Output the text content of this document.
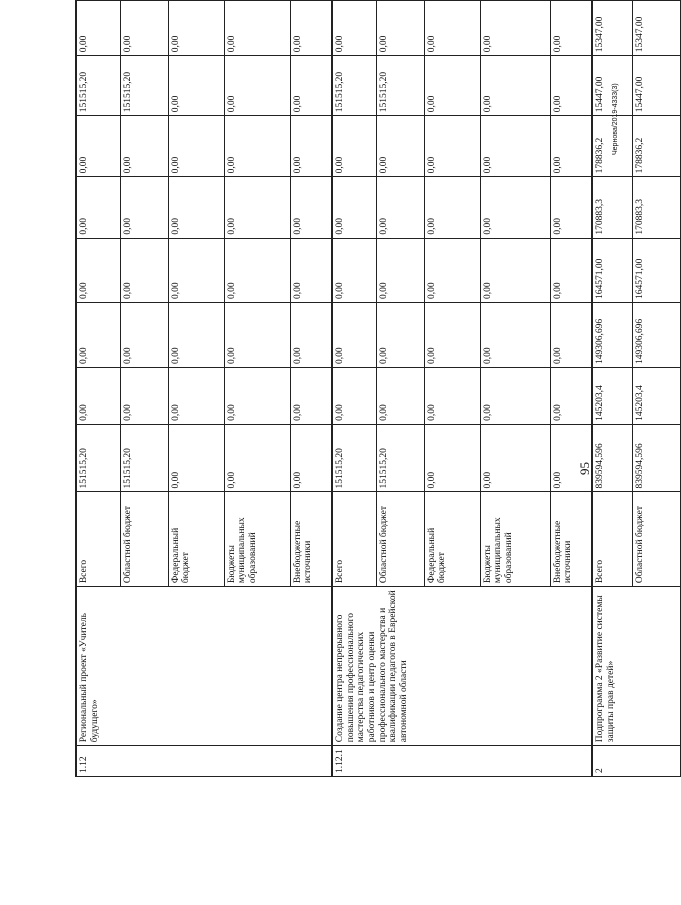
95
Чернова/2019-4333(3)
1.12	Региональный проект «Учитель будущего»	Всего	151515,20	0,00	0,00	0,00	0,00	0,00	151515,20	0,00
		Областной бюджет	151515,20	0,00	0,00	0,00	0,00	0,00	151515,20	0,00
		Федеральный бюджет	0,00	0,00	0,00	0,00	0,00	0,00	0,00	0,00
		Бюджеты муниципальных образований	0,00	0,00	0,00	0,00	0,00	0,00	0,00	0,00
		Внебюджетные источники	0,00	0,00	0,00	0,00	0,00	0,00	0,00	0,00
1.12.1	Создание центра непрерывного повышения профессионального мастерства педагогических работников и центр оценки профессионального мастерства и квалификации педагогов в Еврейской автономной области	Всего	151515,20	0,00	0,00	0,00	0,00	0,00	151515,20	0,00
		Областной бюджет	151515,20	0,00	0,00	0,00	0,00	0,00	151515,20	0,00
		Федеральный бюджет	0,00	0,00	0,00	0,00	0,00	0,00	0,00	0,00
		Бюджеты муниципальных образований	0,00	0,00	0,00	0,00	0,00	0,00	0,00	0,00
		Внебюджетные источники	0,00	0,00	0,00	0,00	0,00	0,00	0,00	0,00
2	Подпрограмма 2 «Развитие системы защиты прав детей»	Всего	839594,596	145203,4	149306,696	164571,00	170883,3	178836,2	15447,00	15347,00
		Областной бюджет	839594,596	145203,4	149306,696	164571,00	170883,3	178836,2	15447,00	15347,00
